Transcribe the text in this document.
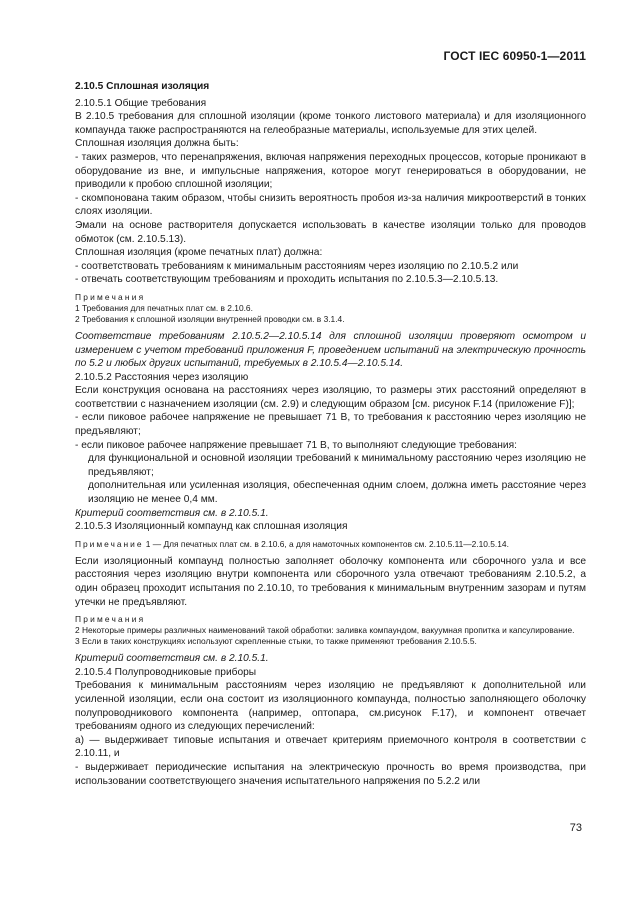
ГОСТ IEC 60950-1—2011

2.10.5 Сплошная изоляция

2.10.5.1 Общие требования

В 2.10.5 требования для сплошной изоляции (кроме тонкого листового материала) и для изоляционного компаунда также распространяются на гелеобразные материалы, используемые для этих целей.

Сплошная изоляция должна быть:

- таких размеров, что перенапряжения, включая напряжения переходных процессов, которые проникают в оборудование из вне, и импульсные напряжения, которое могут генерироваться в оборудовании, не приводили к пробою сплошной изоляции;

- скомпонована таким образом, чтобы снизить вероятность пробоя из-за наличия микроотверстий в тонких слоях изоляции.

Эмали на основе растворителя допускается использовать в качестве изоляции только для проводов обмоток (см. 2.10.5.13).

Сплошная изоляция (кроме печатных плат) должна:

- соответствовать требованиям к минимальным расстояниям через изоляцию по 2.10.5.2 или

- отвечать соответствующим требованиям и проходить испытания по 2.10.5.3—2.10.5.13.

Примечания

1 Требования для печатных плат см. в 2.10.6.

2 Требования к сплошной изоляции внутренней проводки см. в 3.1.4.

Соответствие требованиям 2.10.5.2—2.10.5.14 для сплошной изоляции проверяют осмотром и измерением с учетом требований приложения F, проведением испытаний на электрическую прочность по 5.2 и любых других испытаний, требуемых в 2.10.5.4—2.10.5.14.

2.10.5.2 Расстояния через изоляцию

Если конструкция основана на расстояниях через изоляцию, то размеры этих расстояний определяют в соответствии с назначением изоляции (см. 2.9) и следующим образом [см. рисунок F.14 (приложение F)];

- если пиковое рабочее напряжение не превышает 71 В, то требования к расстоянию через изоляцию не предъявляют;

- если пиковое рабочее напряжение превышает 71 В, то выполняют следующие требования:

для функциональной и основной изоляции требований к минимальному расстоянию через изоляцию не предъявляют;

дополнительная или усиленная изоляция, обеспеченная одним слоем, должна иметь расстояние через изоляцию не менее 0,4 мм.

Критерий соответствия см. в 2.10.5.1.

2.10.5.3 Изоляционный компаунд как сплошная изоляция

Примечание 1 — Для печатных плат см. в 2.10.6, а для намоточных компонентов см. 2.10.5.11—2.10.5.14.

Если изоляционный компаунд полностью заполняет оболочку компонента или сборочного узла и все расстояния через изоляцию внутри компонента или сборочного узла отвечают требованиям 2.10.5.2, а один образец проходит испытания по 2.10.10, то требования к минимальным внутренним зазорам и путям утечки не предъявляют.

Примечания

2 Некоторые примеры различных наименований такой обработки: заливка компаундом, вакуумная пропитка и капсулирование.

3 Если в таких конструкциях используют скрепленные стыки, то также применяют требования 2.10.5.5.

Критерий соответствия см. в 2.10.5.1.

2.10.5.4 Полупроводниковые приборы

Требования к минимальным расстояниям через изоляцию не предъявляют к дополнительной или усиленной изоляции, если она состоит из изоляционного компаунда, полностью заполняющего оболочку полупроводникового компонента (например, оптопара, см.рисунок F.17), и компонент отвечает требованиям одного из следующих перечислений:

а) — выдерживает типовые испытания и отвечает критериям приемочного контроля в соответствии с 2.10.11, и

- выдерживает периодические испытания на электрическую прочность во время производства, при использовании соответствующего значения испытательного напряжения по 5.2.2 или

73
